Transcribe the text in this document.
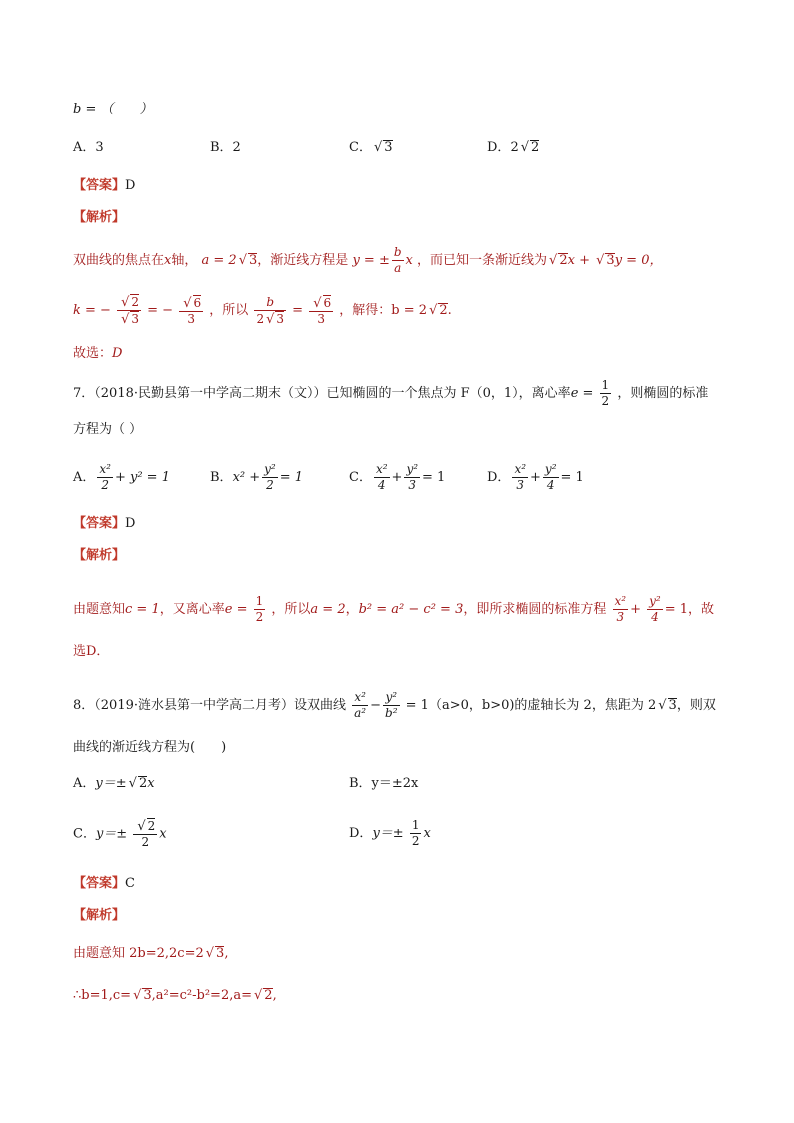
b = （　　）
A．3	B．2	C． √ 3	D．2 √ 2
【答案】D
【解析】
双曲线的焦点在x轴， a = 2 √ 3，渐近线方程是 y = ± $\frac{b}{a}$ x ，而已知一条渐近线为 √ 2x + √ 3y = 0，
k = − $\frac{√ 2}{√ 3}$ = − $\frac{√ 6}{3}$ ，所以 $\frac{b}{2 √ 3} = \frac{√ 6}{3}$ ，解得：b = 2 √ 2.
故选：D
7．（2018·民勤县第一中学高二期末（文））已知椭圆的一个焦点为 F（0，1），离心率$e = \frac{1}{2}$ ，则椭圆的标准
方程为（ ）
A． $\frac{\text{x²}}{2} + y^2 = 1$	B．$x^2 + \frac{\text{y²}}{2} = 1$	C． $\frac{\text{x²}}{4} + \frac{\text{y²}}{3} = 1$	D． $\frac{\text{x²}}{3} + \frac{\text{y²}}{4} = 1$
【答案】D
【解析】
由题意知c = 1，又离心率$e = \frac{1}{2}$ ，所以a = 2，b² = a² − c² = 3，即所求椭圆的标准方程 $\frac{\text{x²}}{3} + \frac{\text{y²}}{4} = 1$，故
选D．
8．（2019·涟水县第一中学高二月考）设双曲线 $\frac{\text{x²}}{\text{a²}} - \frac{\text{y²}}{\text{b²}} = 1(a>0$，b>0)的虚轴长为 2，焦距为 2 √ 3，则双
曲线的渐近线方程为(　　)
A．y＝± √ 2x	B．y＝±2x
C．$y=\pm \frac{√ 2}{2}$ x	D．$y=\pm \frac{1}{2}$ x
【答案】C
【解析】
由题意知 2b=2,2c=2 √ 3,
∴b=1,c= √ 3,a²=c²-b²=2,a= √ 2,
